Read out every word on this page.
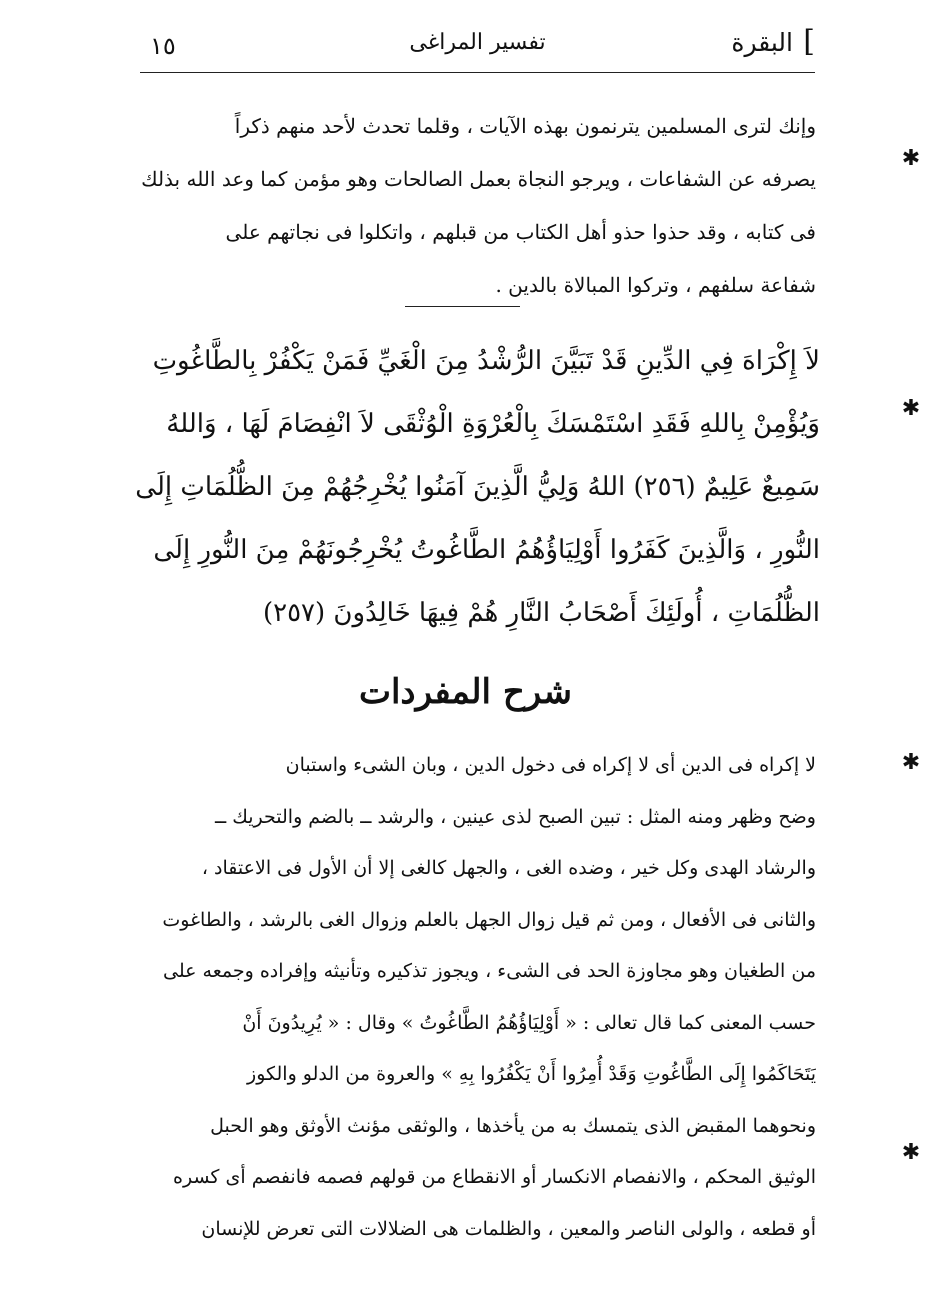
]
البقرة
تفسير المراغى
١٥
وإنك لترى المسلمين يترنمون بهذه الآيات ، وقلما تحدث لأحد منهم ذكراً
يصرفه عن الشفاعات ، ويرجو النجاة بعمل الصالحات وهو مؤمن كما وعد الله بذلك
فى كتابه ، وقد حذوا حذو أهل الكتاب من قبلهم ، واتكلوا فى نجاتهم على
شفاعة سلفهم ، وتركوا المبالاة بالدين .
لاَ إِكْرَاهَ فِي الدِّينِ قَدْ تَبَيَّنَ الرُّشْدُ مِنَ الْغَيِّ فَمَنْ يَكْفُرْ بِالطَّاغُوتِ
وَيُؤْمِنْ بِاللهِ فَقَدِ اسْتَمْسَكَ بِالْعُرْوَةِ الْوُثْقَى لاَ انْفِصَامَ لَهَا ، وَاللهُ
سَمِيعٌ عَلِيمٌ (٢٥٦) اللهُ وَلِيُّ الَّذِينَ آمَنُوا يُخْرِجُهُمْ مِنَ الظُّلُمَاتِ إِلَى
النُّورِ ، وَالَّذِينَ كَفَرُوا أَوْلِيَاؤُهُمُ الطَّاغُوتُ يُخْرِجُونَهُمْ مِنَ النُّورِ إِلَى
الظُّلُمَاتِ ، أُولَئِكَ أَصْحَابُ النَّارِ هُمْ فِيهَا خَالِدُونَ (٢٥٧)
شرح المفردات
لا إكراه فى الدين أى لا إكراه فى دخول الدين ، وبان الشىء واستبان
وضح وظهر ومنه المثل : تبين الصبح لذى عينين ، والرشد ــ بالضم والتحريك ــ
والرشاد الهدى وكل خير ، وضده الغى ، والجهل كالغى إلا أن الأول فى الاعتقاد ،
والثانى فى الأفعال ، ومن ثم قيل زوال الجهل بالعلم وزوال الغى بالرشد ، والطاغوت
من الطغيان وهو مجاوزة الحد فى الشىء ، ويجوز تذكيره وتأنيثه وإفراده وجمعه على
حسب المعنى كما قال تعالى : « أَوْلِيَاؤُهُمُ الطَّاغُوتُ » وقال : « يُرِيدُونَ أَنْ
يَتَحَاكَمُوا إِلَى الطَّاغُوتِ وَقَدْ أُمِرُوا أَنْ يَكْفُرُوا بِهِ » والعروة من الدلو والكوز
ونحوهما المقبض الذى يتمسك به من يأخذها ، والوثقى مؤنث الأوثق وهو الحبل
الوثيق المحكم ، والانفصام الانكسار أو الانقطاع من قولهم فصمه فانفصم أى كسره
أو قطعه ، والولى الناصر والمعين ، والظلمات هى الضلالات التى تعرض للإنسان
✱
✱
✱
✱
